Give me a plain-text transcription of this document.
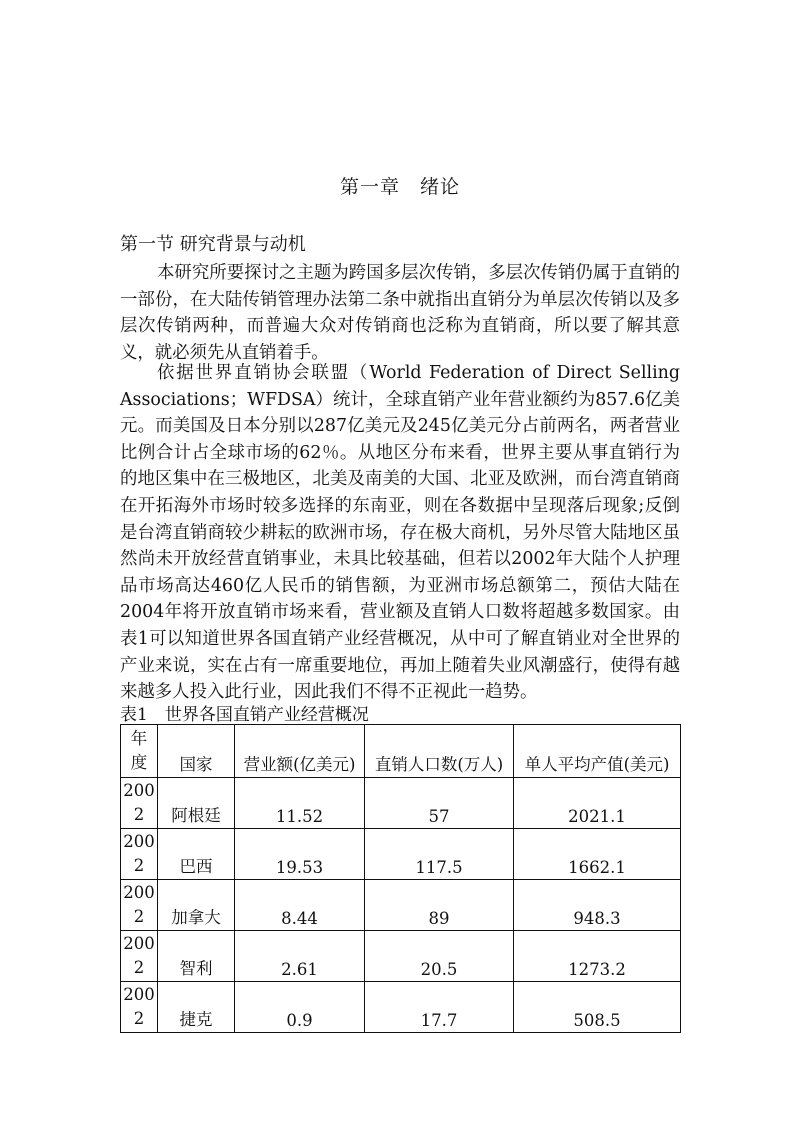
第一章　绪论
第一节 研究背景与动机

本研究所要探讨之主题为跨国多层次传销，多层次传销仍属于直销的一部份，在大陆传销管理办法第二条中就指出直销分为单层次传销以及多层次传销两种，而普遍大众对传销商也泛称为直销商，所以要了解其意义，就必须先从直销着手。

依据世界直销协会联盟（World Federation of Direct Selling Associations；WFDSA）统计，全球直销产业年营业额约为857.6亿美元。而美国及日本分别以287亿美元及245亿美元分占前两名，两者营业比例合计占全球市场的62％。从地区分布来看，世界主要从事直销行为的地区集中在三极地区，北美及南美的大国、北亚及欧洲，而台湾直销商在开拓海外市场时较多选择的东南亚，则在各数据中呈现落后现象;反倒是台湾直销商较少耕耘的欧洲市场，存在极大商机，另外尽管大陆地区虽然尚未开放经营直销事业，未具比较基础，但若以2002年大陆个人护理品市场高达460亿人民币的销售额，为亚洲市场总额第二，预估大陆在2004年将开放直销市场来看，营业额及直销人口数将超越多数国家。由表1可以知道世界各国直销产业经营概况，从中可了解直销业对全世界的产业来说，实在占有一席重要地位，再加上随着失业风潮盛行，使得有越来越多人投入此行业，因此我们不得不正视此一趋势。

表1　世界各国直销产业经营概况
年
度	国家	营业额(亿美元)	直销人口数(万人)	单人平均产值(美元)

200
2	阿根廷	11.52	57	2021.1

200
2	巴西	19.53	117.5	1662.1

200
2	加拿大	8.44	89	948.3

200
2	智利	2.61	20.5	1273.2

200
2	捷克	0.9	17.7	508.5
